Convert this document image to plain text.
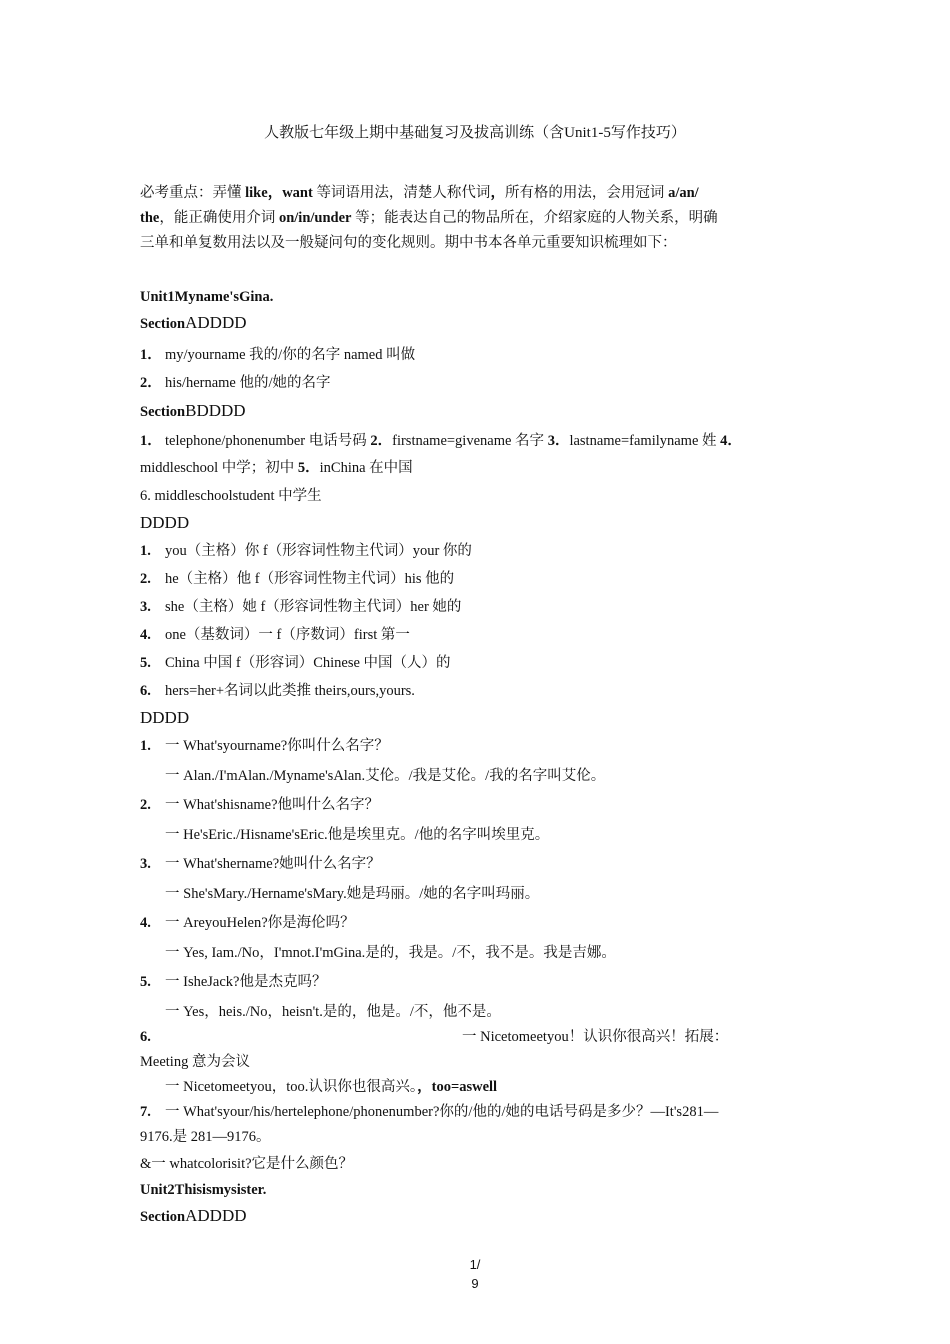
人教版七年级上期中基础复习及拔高训练（含Unit1-5写作技巧）
必考重点：弄懂 like，want 等词语用法，清楚人称代词，所有格的用法，会用冠词 a/an/
the，能正确使用介词 on/in/under 等；能表达自己的物品所在，介绍家庭的人物关系，明确
三单和单复数用法以及一般疑问句的变化规则。期中书本各单元重要知识梳理如下：
Unit1Myname'sGina.
SectionADDDD
1． my/yourname 我的/你的名字 named 叫做
2． his/hername 他的/她的名字
SectionBDDDD
1． telephone/phonenumber 电话号码 2．firstname=givename 名字 3．lastname=familyname 姓 4．
middleschool 中学；初中 5．inChina 在中国
6. middleschoolstudent 中学生
DDDD
1. you（主格）你 f（形容词性物主代词）your 你的
2. he（主格）他 f（形容词性物主代词）his 他的
3. she（主格）她 f（形容词性物主代词）her 她的
4. one（基数词）一 f（序数词）first 第一
5. China 中国 f（形容词）Chinese 中国（人）的
6. hers=her+名词以此类推 theirs,ours,yours.
DDDD
1. 一 What'syourname?你叫什么名字？
一 Alan./I'mAlan./Myname'sAlan.艾伦。/我是艾伦。/我的名字叫艾伦。
2. 一 What'shisname?他叫什么名字？
一 He'sEric./Hisname'sEric.他是埃里克。/他的名字叫埃里克。
3. 一 What'shername?她叫什么名字？
一 She'sMary./Hername'sMary.她是玛丽。/她的名字叫玛丽。
4. 一 AreyouHelen?你是海伦吗？
一 Yes, Iam./No，I'mnot.I'mGina.是的，我是。/不，我不是。我是吉娜。
5. 一 IsheJack?他是杰克吗？
一 Yes，heis./No，heisn't.是的，他是。/不，他不是。
6.	一 Nicetomeetyou！认识你很高兴！拓展：
Meeting 意为会议
一 Nicetomeetyou，too.认识你也很高兴。，too=aswell
7. 一 What'syour/his/hertelephone/phonenumber?你的/他的/她的电话号码是多少？—It's281—
9176.是 281—9176。
&一 whatcolorisit?它是什么颜色？
Unit2Thisismysister.
SectionADDDD
1/
9
